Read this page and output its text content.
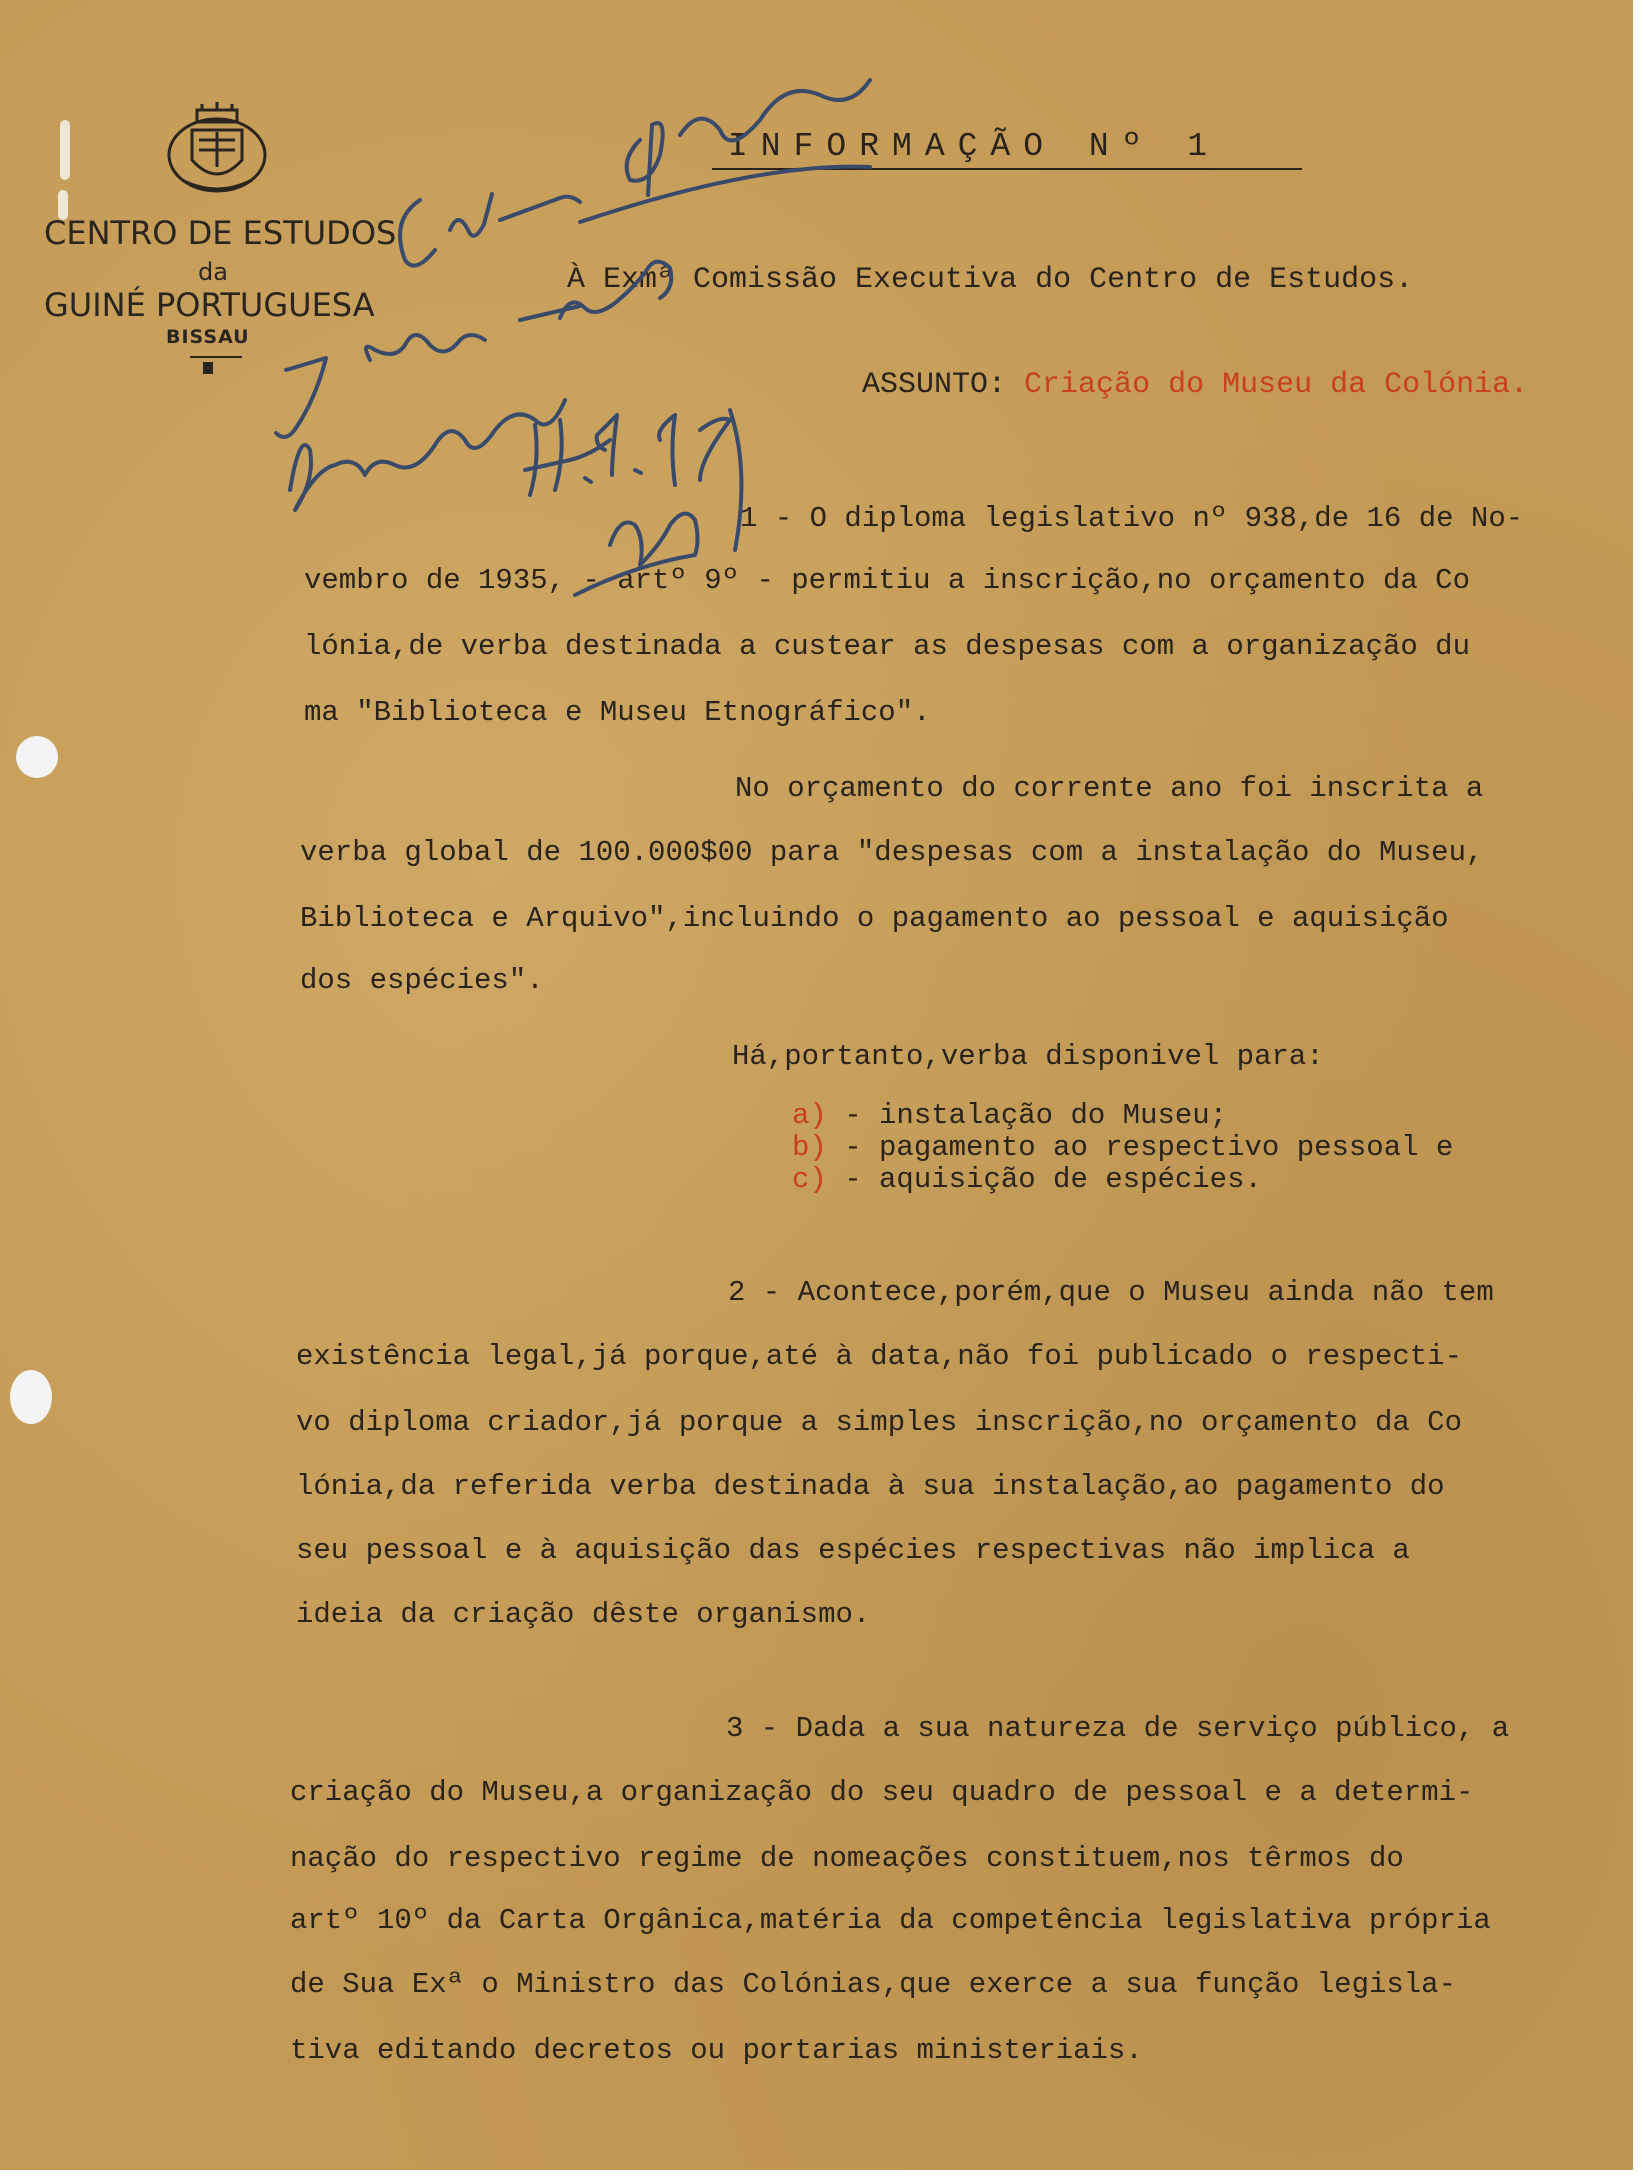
CENTRO DE ESTUDOS
da
GUINÉ PORTUGUESA
BISSAU
INFORMAÇÃO Nº 1
À Exmª Comissão Executiva do Centro de Estudos.
ASSUNTO: Criação do Museu da Colónia.
1 - O diploma legislativo nº 938,de 16 de No-
vembro de 1935, - artº 9º - permitiu a inscrição,no orçamento da Co
lónia,de verba destinada a custear as despesas com a organização du
ma "Biblioteca e Museu Etnográfico".
No orçamento do corrente ano foi inscrita a
verba global de 100.000$00 para "despesas com a instalação do Museu,
Biblioteca e Arquivo",incluindo o pagamento ao pessoal e aquisição
dos espécies".
Há,portanto,verba disponivel para:
a) - instalação do Museu;
b) - pagamento ao respectivo pessoal e
c) - aquisição de espécies.
2 - Acontece,porém,que o Museu ainda não tem
existência legal,já porque,até à data,não foi publicado o respecti-
vo diploma criador,já porque a simples inscrição,no orçamento da Co
lónia,da referida verba destinada à sua instalação,ao pagamento do
seu pessoal e à aquisição das espécies respectivas não implica a
ideia da criação dêste organismo.
3 - Dada a sua natureza de serviço público, a
criação do Museu,a organização do seu quadro de pessoal e a determi-
nação do respectivo regime de nomeações constituem,nos têrmos do
artº 10º da Carta Orgânica,matéria da competência legislativa própria
de Sua Exª o Ministro das Colónias,que exerce a sua função legisla-
tiva editando decretos ou portarias ministeriais.
